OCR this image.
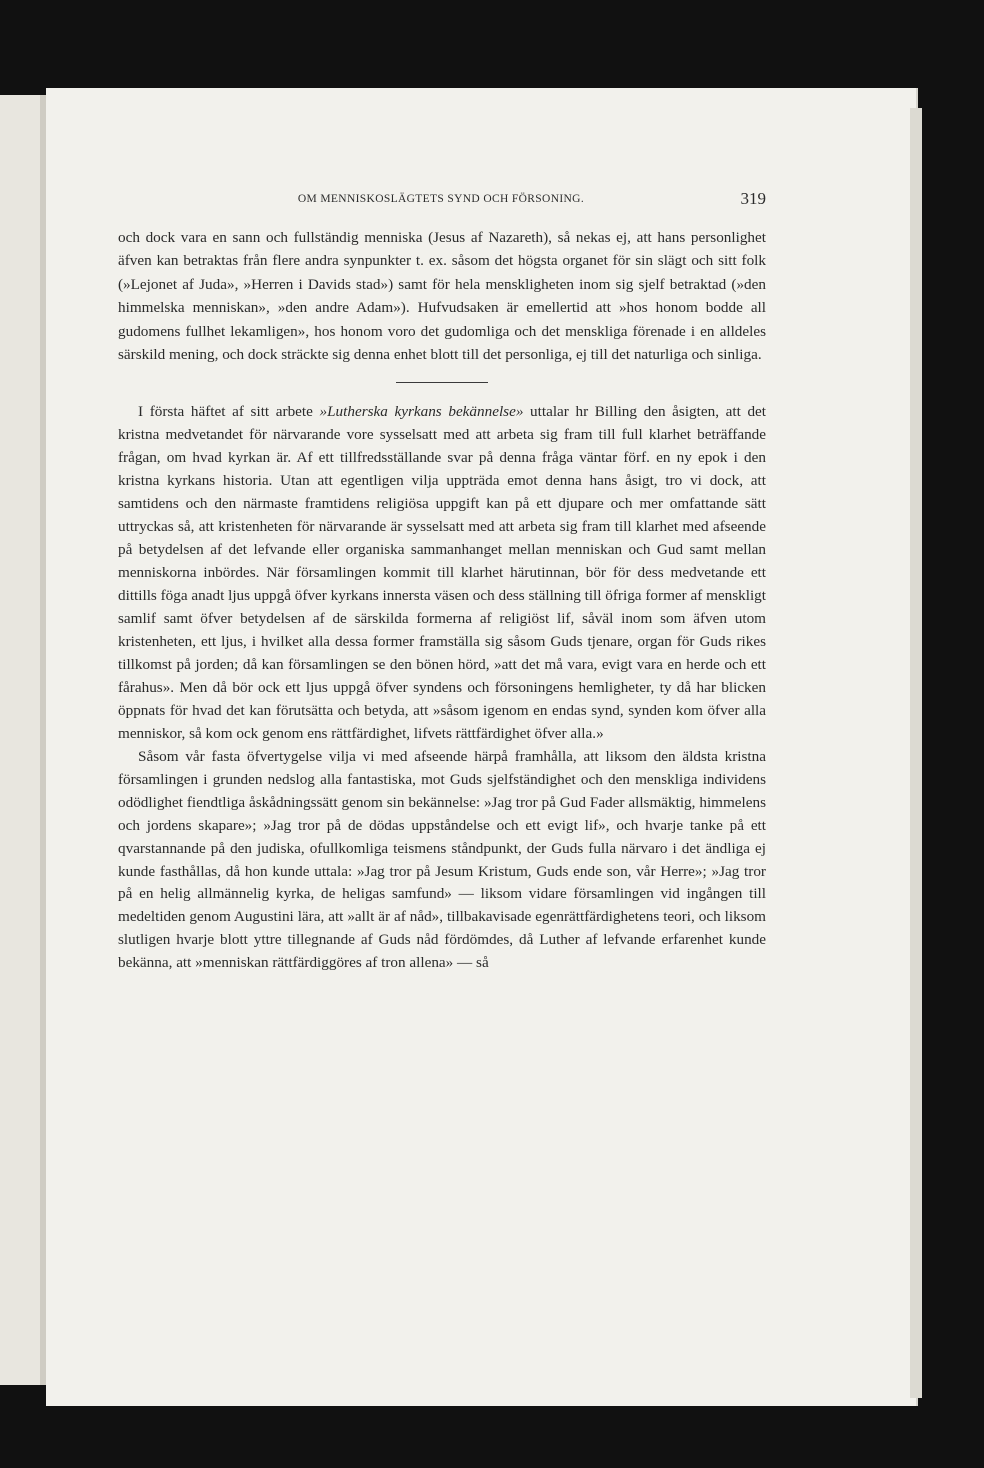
OM MENNISKOSLÄGTETS SYND OCH FÖRSONING.	319

och dock vara en sann och fullständig menniska (Jesus af Nazareth), så nekas ej, att hans personlighet äfven kan betraktas från flere andra synpunkter t. ex. såsom det högsta organet för sin slägt och sitt folk (»Lejonet af Juda», »Herren i Davids stad») samt för hela menskligheten inom sig sjelf betraktad (»den himmelska menniskan», »den andre Adam»). Hufvudsaken är emellertid att »hos honom bodde all gudomens fullhet lekamligen», hos honom voro det gudomliga och det menskliga förenade i en alldeles särskild mening, och dock sträckte sig denna enhet blott till det personliga, ej till det naturliga och sinliga.

I första häftet af sitt arbete »Lutherska kyrkans bekännelse» uttalar hr Billing den åsigten, att det kristna medvetandet för närvarande vore sysselsatt med att arbeta sig fram till full klarhet beträffande frågan, om hvad kyrkan är. Af ett tillfredsställande svar på denna fråga väntar förf. en ny epok i den kristna kyrkans historia. Utan att egentligen vilja uppträda emot denna hans åsigt, tro vi dock, att samtidens och den närmaste framtidens religiösa uppgift kan på ett djupare och mer omfattande sätt uttryckas så, att kristenheten för närvarande är sysselsatt med att arbeta sig fram till klarhet med afseende på betydelsen af det lefvande eller organiska sammanhanget mellan menniskan och Gud samt mellan menniskorna inbördes. När församlingen kommit till klarhet härutinnan, bör för dess medvetande ett dittills föga anadt ljus uppgå öfver kyrkans innersta väsen och dess ställning till öfriga former af menskligt samlif samt öfver betydelsen af de särskilda formerna af religiöst lif, såväl inom som äfven utom kristenheten, ett ljus, i hvilket alla dessa former framställa sig såsom Guds tjenare, organ för Guds rikes tillkomst på jorden; då kan församlingen se den bönen hörd, »att det må vara, evigt vara en herde och ett fårahus». Men då bör ock ett ljus uppgå öfver syndens och försoningens hemligheter, ty då har blicken öppnats för hvad det kan förutsätta och betyda, att »såsom igenom en endas synd, synden kom öfver alla menniskor, så kom ock genom ens rättfärdighet, lifvets rättfärdighet öfver alla.»

Såsom vår fasta öfvertygelse vilja vi med afseende härpå framhålla, att liksom den äldsta kristna församlingen i grunden nedslog alla fantastiska, mot Guds sjelfständighet och den menskliga individens odödlighet fiendtliga åskådningssätt genom sin bekännelse: »Jag tror på Gud Fader allsmäktig, himmelens och jordens skapare»; »Jag tror på de dödas uppståndelse och ett evigt lif», och hvarje tanke på ett qvarstannande på den judiska, ofullkomliga teismens ståndpunkt, der Guds fulla närvaro i det ändliga ej kunde fasthållas, då hon kunde uttala: »Jag tror på Jesum Kristum, Guds ende son, vår Herre»; »Jag tror på en helig allmännelig kyrka, de heligas samfund» — liksom vidare församlingen vid ingången till medeltiden genom Augustini lära, att »allt är af nåd», tillbakavisade egenrättfärdighetens teori, och liksom slutligen hvarje blott yttre tillegnande af Guds nåd fördömdes, då Luther af lefvande erfarenhet kunde bekänna, att »menniskan rättfärdiggöres af tron allena» — så
